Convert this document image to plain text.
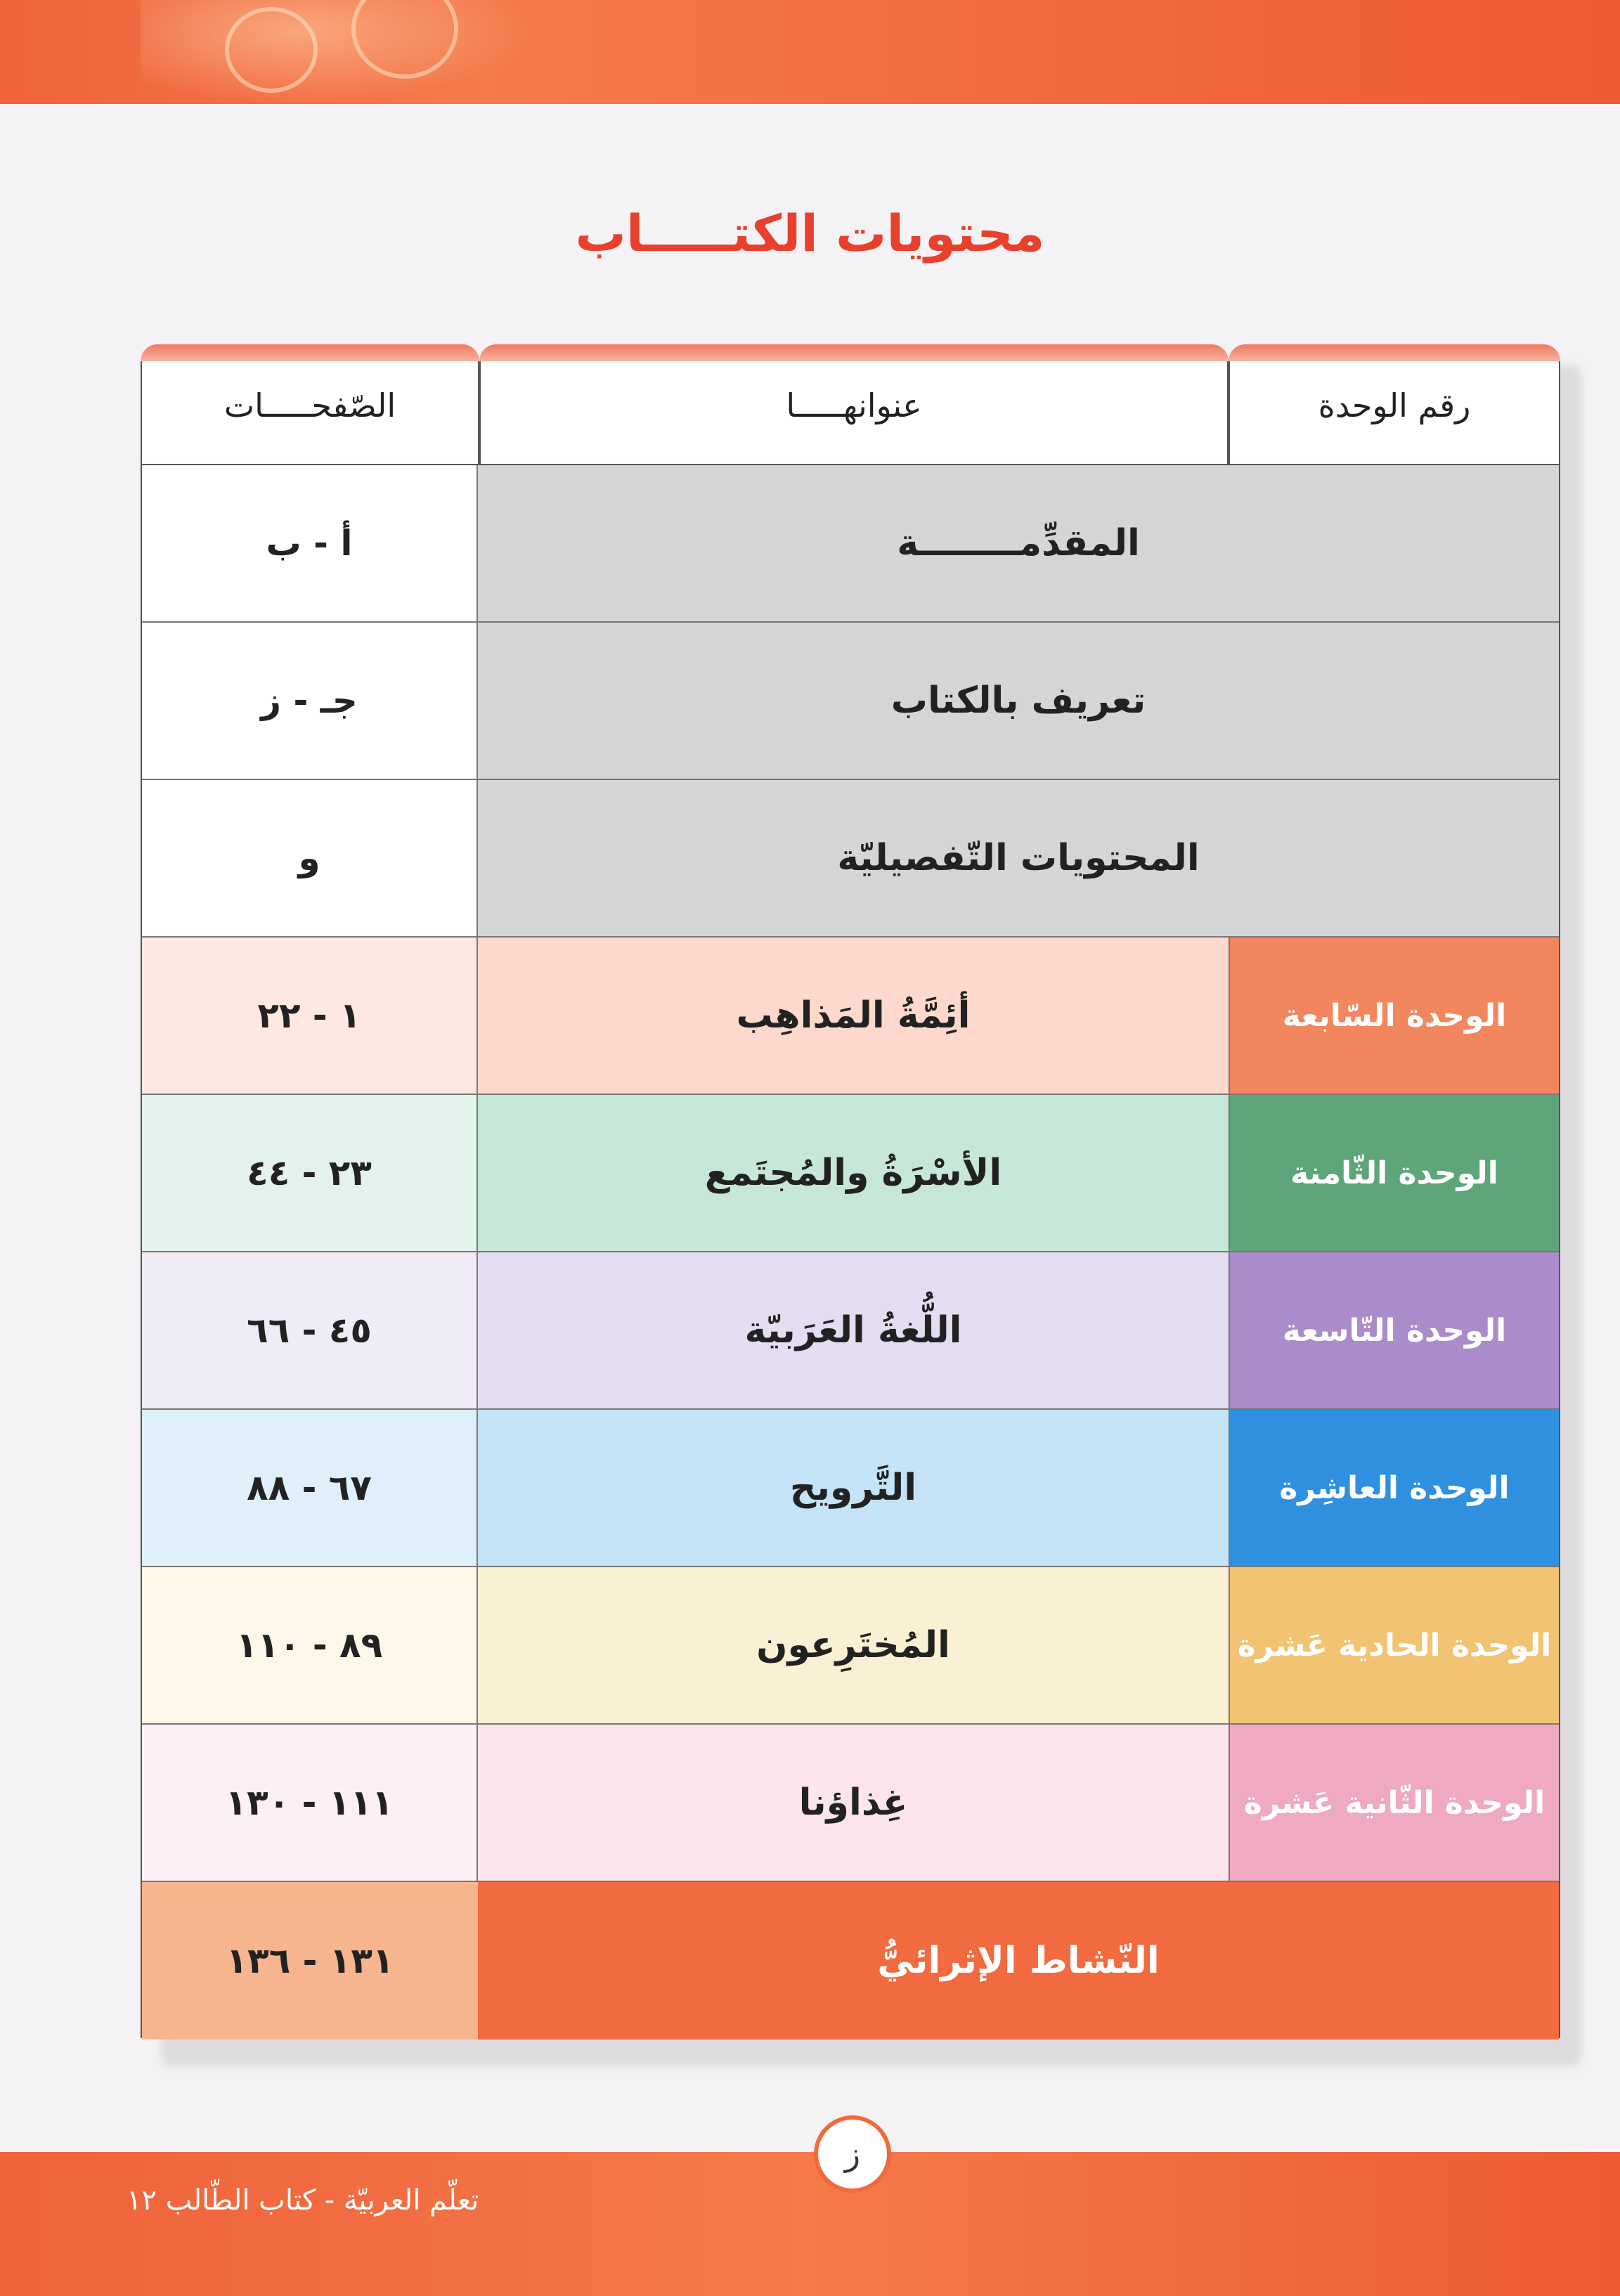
محتويات الكتـــــاب
الصّفحـــــات	عنوانهـــــا	رقم الوحدة
أ - ب	المقدِّمــــــــة
جـ - ز	تعريف بالكتاب
و	المحتويات التّفصيليّة
١ - ٢٢	أئِمَّةُ المَذاهِب	الوحدة السّابعة
٢٣ - ٤٤	الأسْرَةُ والمُجتَمع	الوحدة الثّامنة
٤٥ - ٦٦	اللُّغةُ العَرَبيّة	الوحدة التّاسعة
٦٧ - ٨٨	التَّرويح	الوحدة العاشِرة
٨٩ - ١١٠	المُختَرِعون	الوحدة الحادية عَشرة
١١١ - ١٣٠	غِذاؤنا	الوحدة الثّانية عَشرة
١٣١ - ١٣٦	النّشاط الإثرائيُّ
ز
تعلّم العربيّة - كتاب الطّالب ١٢
